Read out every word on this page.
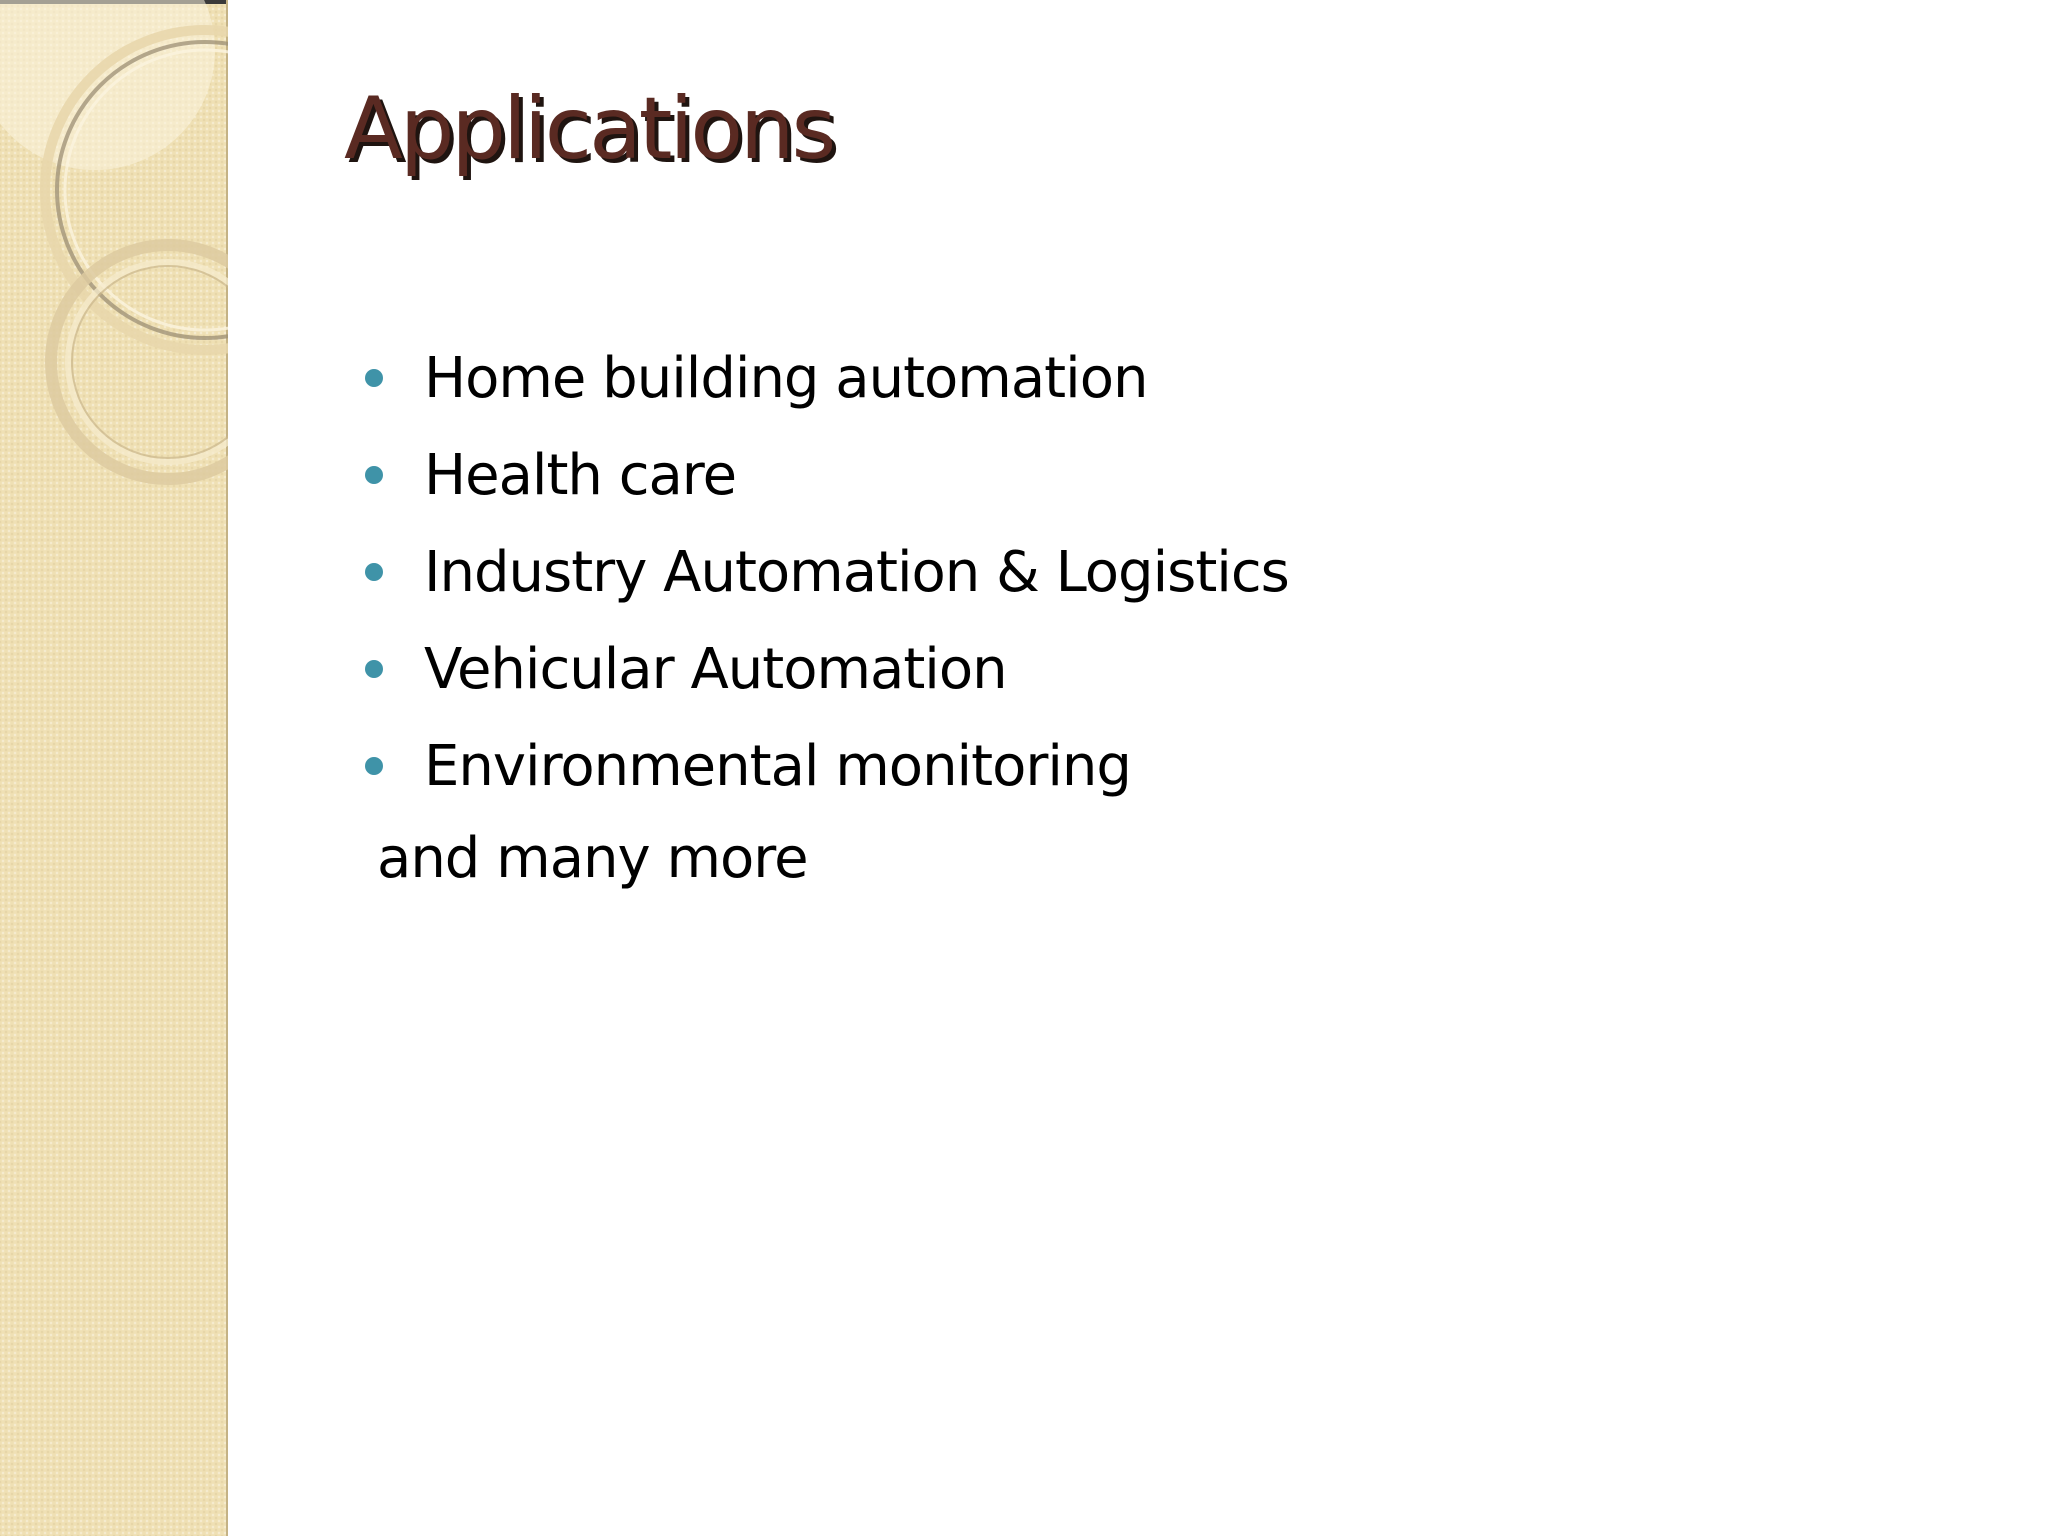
Applications
Home building automation
Health care
Industry Automation & Logistics
Vehicular Automation
Environmental monitoring

and many more
